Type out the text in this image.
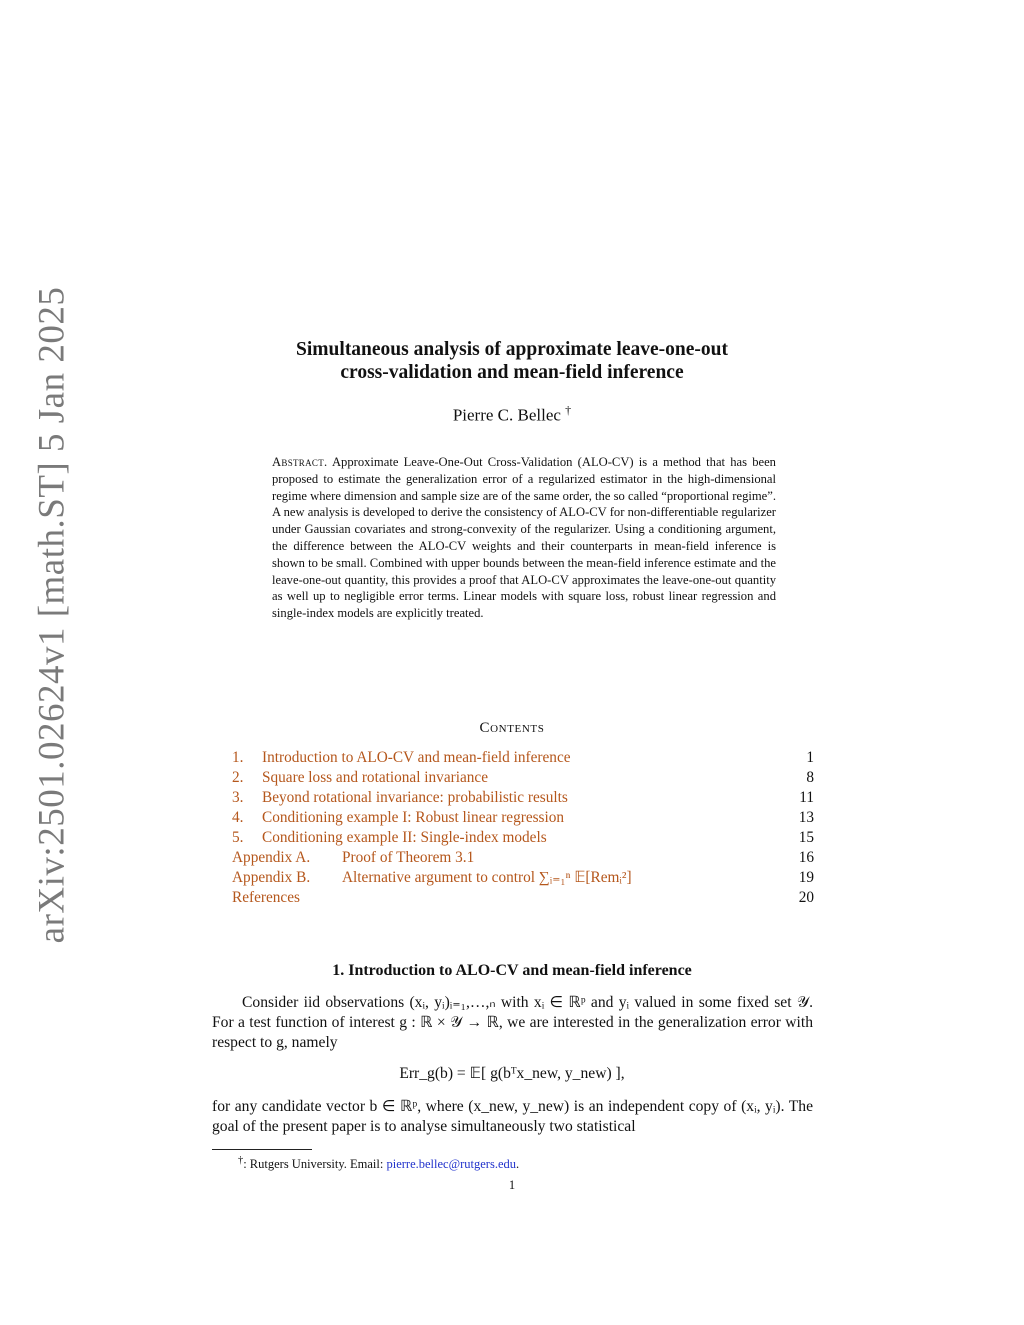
arXiv:2501.02624v1 [math.ST] 5 Jan 2025	Simultaneous analysis of approximate leave-one-out
cross-validation and mean-field inference
Pierre C. Bellec †
Abstract. Approximate Leave-One-Out Cross-Validation (ALO-CV) is a method that has been proposed to estimate the generalization error of a regularized estimator in the high-dimensional regime where dimension and sample size are of the same order, the so called “proportional regime”. A new analysis is developed to derive the consistency of ALO-CV for non-differentiable regularizer under Gaussian covariates and strong-convexity of the regularizer. Using a conditioning argument, the difference between the ALO-CV weights and their counterparts in mean-field inference is shown to be small. Combined with upper bounds between the mean-field inference estimate and the leave-one-out quantity, this provides a proof that ALO-CV approximates the leave-one-out quantity as well up to negligible error terms. Linear models with square loss, robust linear regression and single-index models are explicitly treated.
Contents
1. Introduction to ALO-CV and mean-field inference	1
2. Square loss and rotational invariance	8
3. Beyond rotational invariance: probabilistic results	11
4. Conditioning example I: Robust linear regression	13
5. Conditioning example II: Single-index models	15
Appendix A. Proof of Theorem 3.1	16
Appendix B. Alternative argument to control ∑ᵢ₌₁ⁿ 𝔼[Remᵢ²]	19
References	20
1. Introduction to ALO-CV and mean-field inference

Consider iid observations (xᵢ, yᵢ)ᵢ₌₁,…,ₙ with xᵢ ∈ ℝᵖ and yᵢ valued in some fixed set 𝒴. For a test function of interest g : ℝ × 𝒴 → ℝ, we are interested in the generalization error with respect to g, namely

Err_g(b) = 𝔼[ g(bᵀx_new, y_new) ],

for any candidate vector b ∈ ℝᵖ, where (x_new, y_new) is an independent copy of (xᵢ, yᵢ). The goal of the present paper is to analyse simultaneously two statistical

†: Rutgers University. Email: pierre.bellec@rutgers.edu.
1
